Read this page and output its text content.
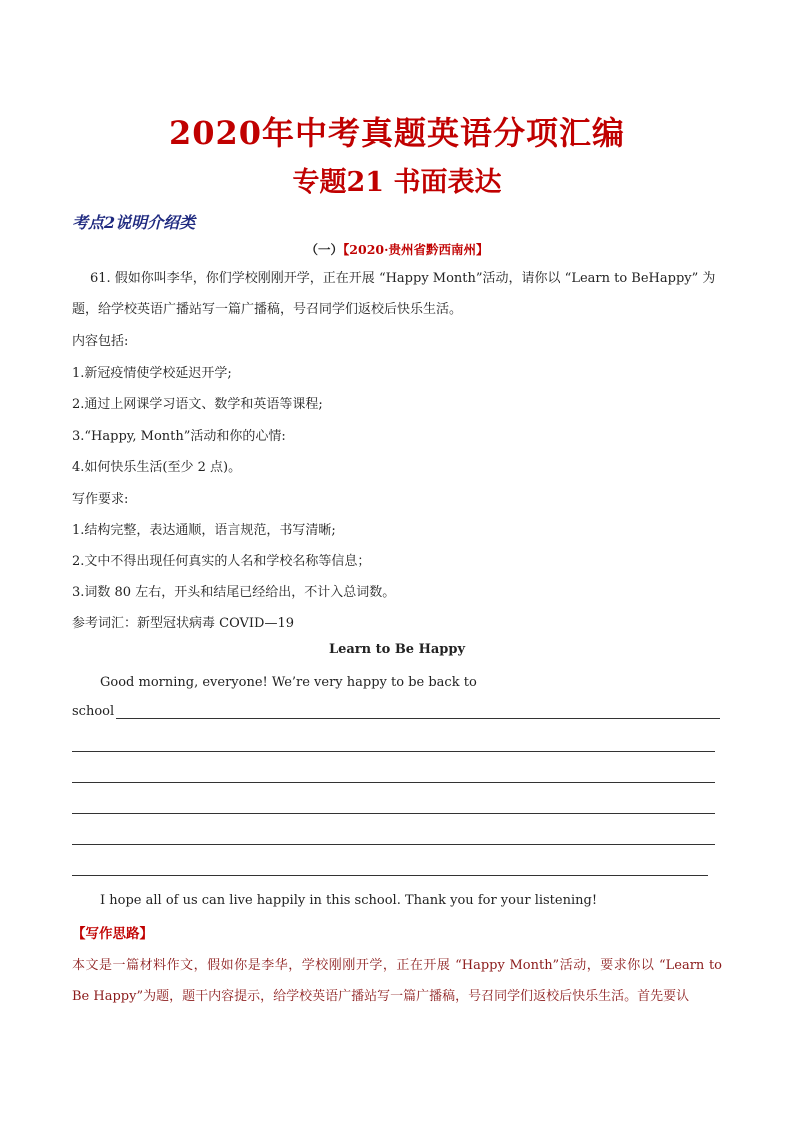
2020年中考真题英语分项汇编
专题21 书面表达
考点2说明介绍类
（一）【2020·贵州省黔西南州】
61. 假如你叫李华，你们学校刚刚开学，正在开展 “Happy Month”活动，请你以 “Learn to BeHappy” 为题，给学校英语广播站写一篇广播稿，号召同学们返校后快乐生活。
内容包括:
1.新冠疫情使学校延迟开学;
2.通过上网课学习语文、数学和英语等课程;
3.“Happy, Month”活动和你的心情:
4.如何快乐生活(至少 2 点)。
写作要求:
1.结构完整，表达通顺，语言规范，书写清晰;
2.文中不得出现任何真实的人名和学校名称等信息；
3.词数 80 左右，开头和结尾已经给出，不计入总词数。
参考词汇：新型冠状病毒 COVID—19
Learn to Be Happy
Good morning, everyone! We’re very happy to be back to
school
I hope all of us can live happily in this school. Thank you for your listening!
【写作思路】
本文是一篇材料作文，假如你是李华，学校刚刚开学，正在开展 “Happy Month”活动，要求你以 “Learn to Be Happy”为题，题干内容提示，给学校英语广播站写一篇广播稿，号召同学们返校后快乐生活。首先要认
